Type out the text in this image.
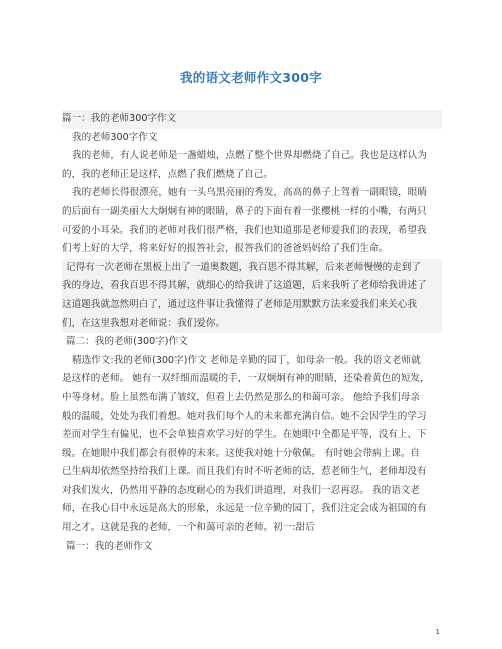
我的语文老师作文300字
篇一：我的老师300字作文
我的老师300字作文
我的老师，有人说老师是一盏蜡烛，点燃了整个世界却燃烧了自己。我也是这样认为
的，我的老师正是这样，点燃了我们燃烧了自己。
我的老师长得很漂亮，她有一头乌黑亮丽的秀发，高高的鼻子上驾着一副眼镜，眼睛
的后面有一副美丽大大炯炯有神的眼睛，鼻子的下面有着一张樱桃一样的小嘴，有两只
可爱的小耳朵。我们的老师对我们很严格，我们也知道那是老师爱我们的表现，希望我
们考上好的大学，将来好好的报答社会，报答我们的爸爸妈妈给了我们生命。
记得有一次老师在黑板上出了一道奥数题，我百思不得其解，后来老师慢慢的走到了
我的身边，看我百思不得其解，就细心的给我讲了这道题，后来我听了老师给我讲述了
这道题我就忽然明白了，通过这件事让我懂得了老师是用默默方法来爱我们来关心我
们，在这里我想对老师说：我们爱你。
篇二：我的老师(300字)作文
精选作文:我的老师(300字)作文 老师是辛勤的园丁，如母亲一般。我的语文老师就
是这样的老师。 她有一双纤细而温暖的手，一双炯炯有神的眼睛，还染着黄色的短发，
中等身材。脸上虽然布满了皱纹，但看上去仍然是那么的和蔼可亲。 他给予我们母亲
般的温暖，处处为我们着想。她对我们每个人的未来都充满自信。她不会因学生的学习
差而对学生有偏见，也不会单独喜欢学习好的学生。在她眼中全都是平等，没有上、下
级。在她眼中我们都会有很棒的未来。这使我对她十分敬佩。 有时她会带病上课。自
已生病却依然坚持给我们上课。而且我们有时不听老师的话，惹老师生气，老师却没有
对我们发火，仍然用平静的态度耐心的为我们讲道理，对我们一忍再忍。 我的语文老
师，在我心目中永远是高大的形象，永远是一位辛勤的园丁，我们注定会成为祖国的有
用之才。这就是我的老师，一个和蔼可亲的老师。初一:甜后
篇一：我的老师作文
1
